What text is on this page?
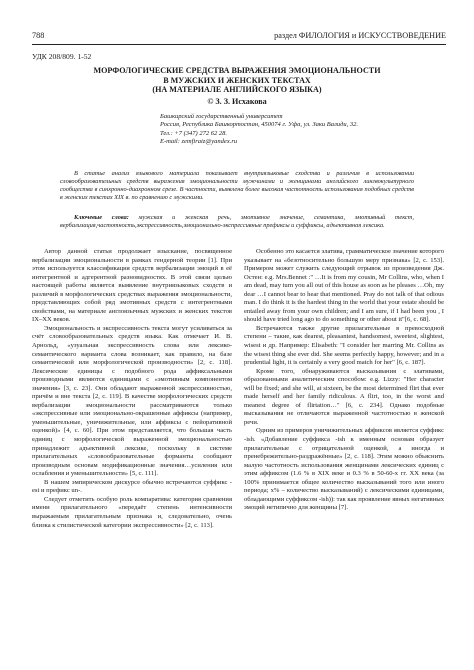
788	раздел ФИЛОЛОГИЯ и ИСКУССТВОВЕДЕНИЕ
УДК 208/809. 1-52
МОРФОЛОГИЧЕСКИЕ СРЕДСТВА ВЫРАЖЕНИЯ ЭМОЦИОНАЛЬНОСТИ
В МУЖСКИХ И ЖЕНСКИХ ТЕКСТАХ
(НА МАТЕРИАЛЕ АНГЛИЙСКОГО ЯЗЫКА)
© З. З. Исхакова
Башкирский государственный университет
Россия, Республика Башкортостан, 450074 г. Уфа, ул. Заки Валиди, 32.
Тел.: +7 (347) 272 62 28.
E-mail: zemfiraiz@yandex.ru
В статье анализ языкового материала показывает внутриязыковые сходства и различия в использовании словообразовательных средств выражения эмоциональности мужчинами и женщинами английского лингвокультурного сообщества в синхронно-диахронном срезе. В частности, выявлена более высокая частотность использования подобных средств в женских текстах XIX в. по сравнению с мужскими.
Ключевые слова: мужская и женская речь, эмотивное значение, семантика, эмотивный текст, вербализация,частотность,экспрессивность,эмоционально-экспрессивные префиксы и суффиксы, адъективная лексика.

Автор данной статьи продолжает изыскание, посвященное вербализации эмоциональности в рамках гендерной теории [1]. При этом используется классификация средств вербализации эмоций в её интегрентной и адгерентной разновидностях. В этой связи целью настоящей работы является выявление внутриязыковых сходств и различий в морфологических средствах выражения эмоциональности, представляющих собой ряд эмотивных средств с интегрентными свойствами, на материале англоязычных мужских и женских текстов IX–XX веков.

Эмоциональность и экспрессивность текста могут усиливаться за счёт словообразовательных средств языка. Как отмечает И. В. Арнольд, «узуальная экспрессивность слова или лексико-семантического варианта слова возникает, как правило, на базе семантической или морфологической производности» [2, с. 118]. Лексические единицы с подобного рода аффиксальными производными являются единицами с «эмотивным компонентом значения» [3, с. 23]. Они обладают выраженной экспрессивностью, причём и вне текста [2, с. 119]. В качестве морфологических средств вербализации эмоциональности рассматриваются только «экспрессивные или эмоционально-окрашенные аффиксы (например, уменьшительные, уничижительные, или аффиксы с пейоративной оценкой)» [4, с. 60]. При этом представляется, что большая часть единиц с морфологической выраженной эмоциональностью принадлежит адъективной лексике, поскольку в системе прилагательных «словообразовательные форманты сообщают производным основам модификационные значения…усиления или ослабления и уменьшительности» [5, с. 111].

В нашем эмпирическом дискурсе обычно встречаются суффикс -est и префикс un-.

Следует отметить особую роль компаратива: категория сравнения имени прилагательного «передаёт степень интенсивности выражаемым прилагательным признака и, следовательно, очень близка к стилистической категории экспрессивности» [2, с. 113].

Особенно это касается элатива, грамматическое значение которого указывает на «безотносительно большую меру признака» [2, с. 153]. Примером может служить следующий отрывок из произведения Дж. Остен: e.g. Mrs.Bennet :" …It is from my cousin, Mr Collins, who, when I am dead, may turn you all out of this house as soon as he pleases …Oh, my dear …I cannot bear to hear that mentioned. Pray do not talk of that odious man. I do think it is the hardest thing in the world that your estate should be entailed away from your own children; and I am sure, if I had been you , I should have tried long ago to do something or other about it"[6, с. 68].

Встречаются также другие прилагательные в превосходной степени – такие, как dearest, pleasantest, handsomest, sweetest, slightest, wisest и др. Например: Elisabeth: "I consider her marring Mr. Collins as the wisest thing she ever did. She seems perfectly happy, however; and in a prudential light, it is certainly a very good match for her" [6, с. 187].

Кроме того, обнаруживаются высказывания с элативами, образованными аналитическим способом: e.g. Lizzy: "Her character will be fixed; and she will, at sixteen, be the most determined flirt that ever made herself and her family ridiculous. A flirt, too, in the worst and meanest degree of flirtation…" [6, с. 234]. Однако подобные высказывания не отличаются выраженной частотностью в женской речи.

Одним из примеров уничижительных аффиксов является суффикс -ish. «Добавление суффикса -ish к именным основам образует прилагательные с отрицательной оценкой, а иногда и пренебрежительно-раздражённые» [2, с. 118]. Этим можно объяснить малую частотность использования женщинами лексических единиц с этим аффиксом (1.6 % в XIX веке и 0.3 % в 50-60-х гг. XX века (за 100% принимается общее количество высказываний того или иного периода; x% – количество высказываний) с лексическими единицами, обладающими суффиксом -ish)): так как проявление явных негативных эмоций нетипично для женщины [7].
